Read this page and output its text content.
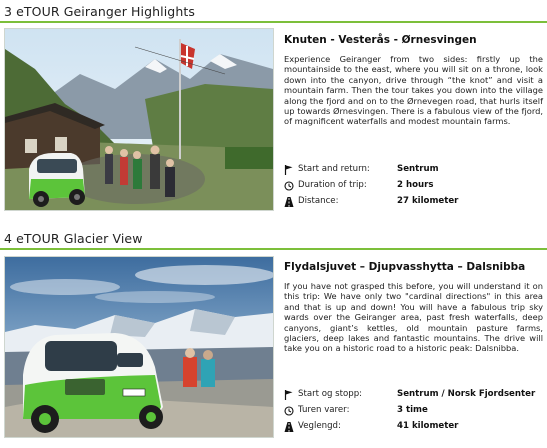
3 eTOUR Geiranger Highlights
Knuten - Vesterås - Ørnesvingen
Experience Geiranger from two sides: firstly up the mountainside to the east, where you will sit on a throne, look down into the canyon, drive through “the knot” and visit a mountain farm. Then the tour takes you down into the village along the fjord and on to the Ørnevegen road, that hurls itself up towards Ørnesvingen. There is a fabulous view of the fjord, of magnificent waterfalls and modest mountain farms.
Start and return:	Sentrum
Duration of trip:	2 hours
Distance:	27 kilometer
4 eTOUR Glacier View
Flydalsjuvet – Djupvasshytta – Dalsnibba
If you have not grasped this before, you will understand it on this trip: We have only two "cardinal directions" in this area and that is up and down! You will have a fabulous trip sky wards over the Geiranger area, past fresh waterfalls, deep canyons, giant’s kettles, old mountain pasture farms, glaciers, deep lakes and fantastic mountains. The drive will take you on a historic road to a historic peak: Dalsnibba.
Start og stopp:	Sentrum / Norsk Fjordsenter
Turen varer:	3 time
Veglengd:	41 kilometer
